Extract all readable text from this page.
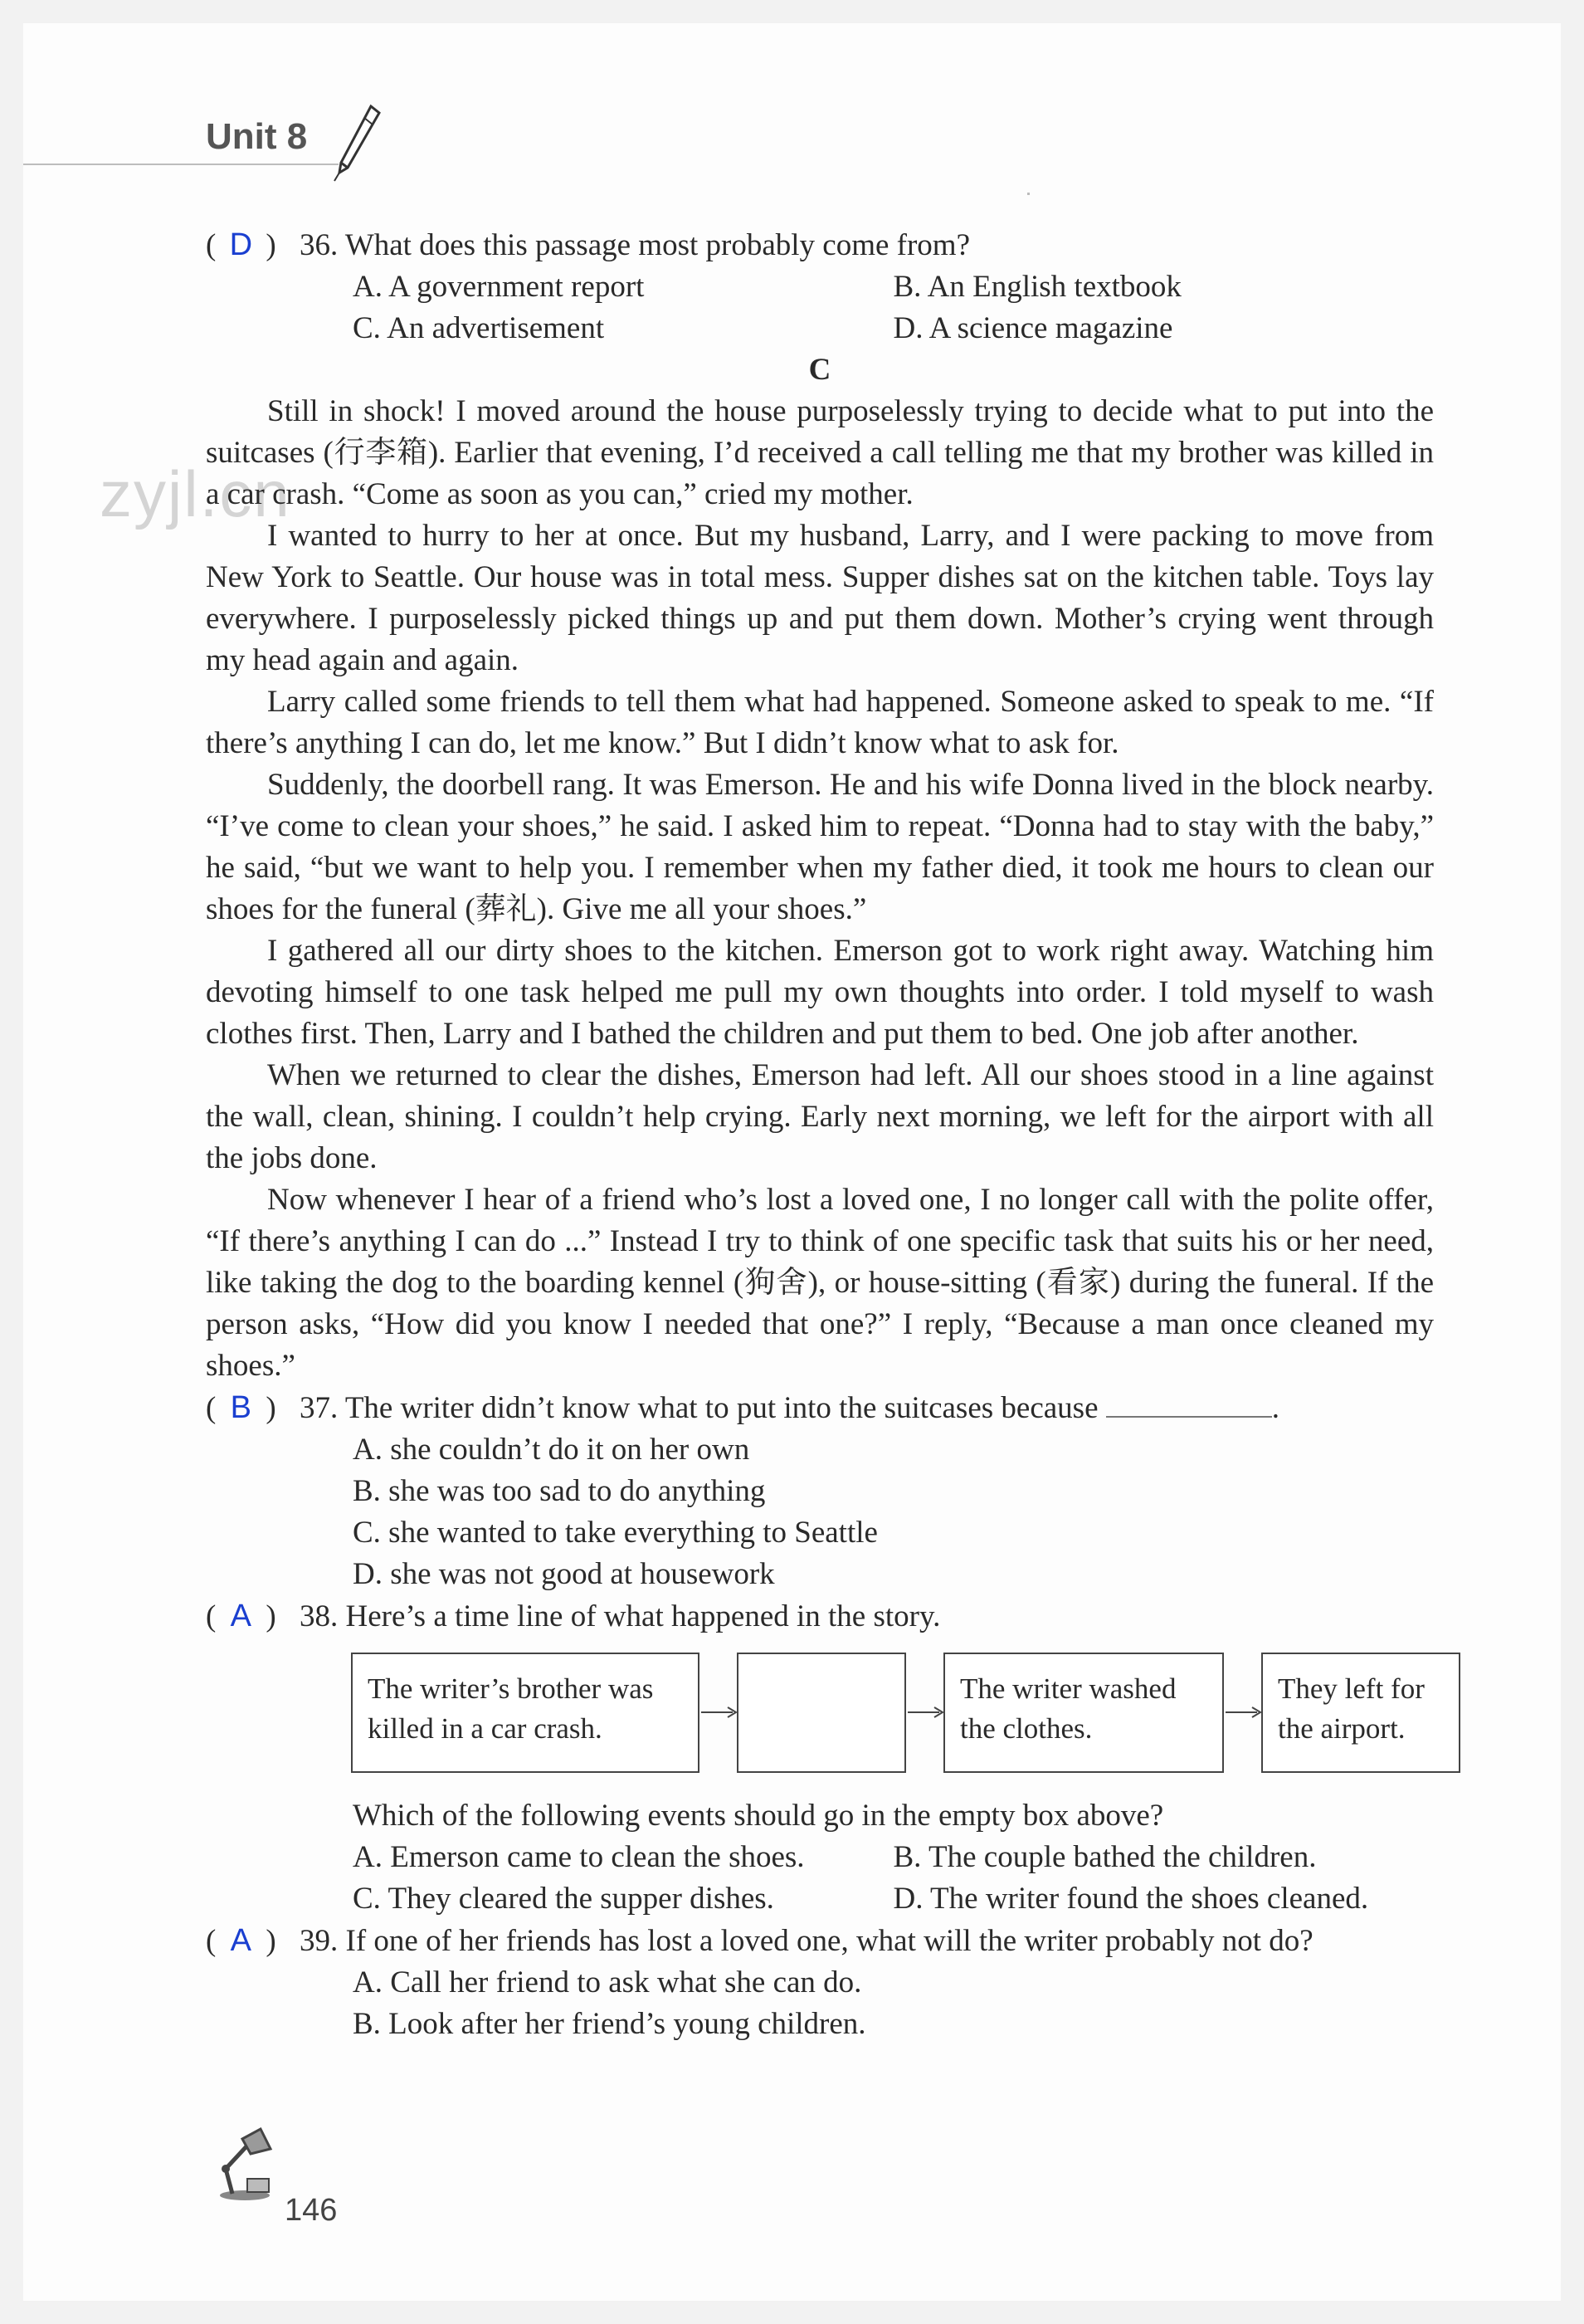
Unit 8
zyjl.cn
( D ) 36. What does this passage most probably come from?
A. A government report	B. An English textbook
C. An advertisement	D. A science magazine
C

Still in shock! I moved around the house purposelessly trying to decide what to put into the suitcases (行李箱). Earlier that evening, I’d received a call telling me that my brother was killed in a car crash. “Come as soon as you can,” cried my mother.

I wanted to hurry to her at once. But my husband, Larry, and I were packing to move from New York to Seattle. Our house was in total mess. Supper dishes sat on the kitchen table. Toys lay everywhere. I purposelessly picked things up and put them down. Mother’s crying went through my head again and again.

Larry called some friends to tell them what had happened. Someone asked to speak to me. “If there’s anything I can do, let me know.” But I didn’t know what to ask for.

Suddenly, the doorbell rang. It was Emerson. He and his wife Donna lived in the block nearby. “I’ve come to clean your shoes,” he said. I asked him to repeat. “Donna had to stay with the baby,” he said, “but we want to help you. I remember when my father died, it took me hours to clean our shoes for the funeral (葬礼). Give me all your shoes.”

I gathered all our dirty shoes to the kitchen. Emerson got to work right away. Watching him devoting himself to one task helped me pull my own thoughts into order. I told myself to wash clothes first. Then, Larry and I bathed the children and put them to bed. One job after another.

When we returned to clear the dishes, Emerson had left. All our shoes stood in a line against the wall, clean, shining. I couldn’t help crying. Early next morning, we left for the airport with all the jobs done.

Now whenever I hear of a friend who’s lost a loved one, I no longer call with the polite offer, “If there’s anything I can do ...” Instead I try to think of one specific task that suits his or her need, like taking the dog to the boarding kennel (狗舍), or house-sitting (看家) during the funeral. If the person asks, “How did you know I needed that one?” I reply, “Because a man once cleaned my shoes.”

( B ) 37. The writer didn’t know what to put into the suitcases because	.
A. she couldn’t do it on her own
B. she was too sad to do anything
C. she wanted to take everything to Seattle
D. she was not good at housework
( A ) 38. Here’s a time line of what happened in the story.
The writer’s brother was killed in a car crash.
The writer washed the clothes.
They left for the airport.
Which of the following events should go in the empty box above?
A. Emerson came to clean the shoes.	B. The couple bathed the children.
C. They cleared the supper dishes.	D. The writer found the shoes cleaned.
( A ) 39. If one of her friends has lost a loved one, what will the writer probably not do?
A. Call her friend to ask what she can do.
B. Look after her friend’s young children.
146
